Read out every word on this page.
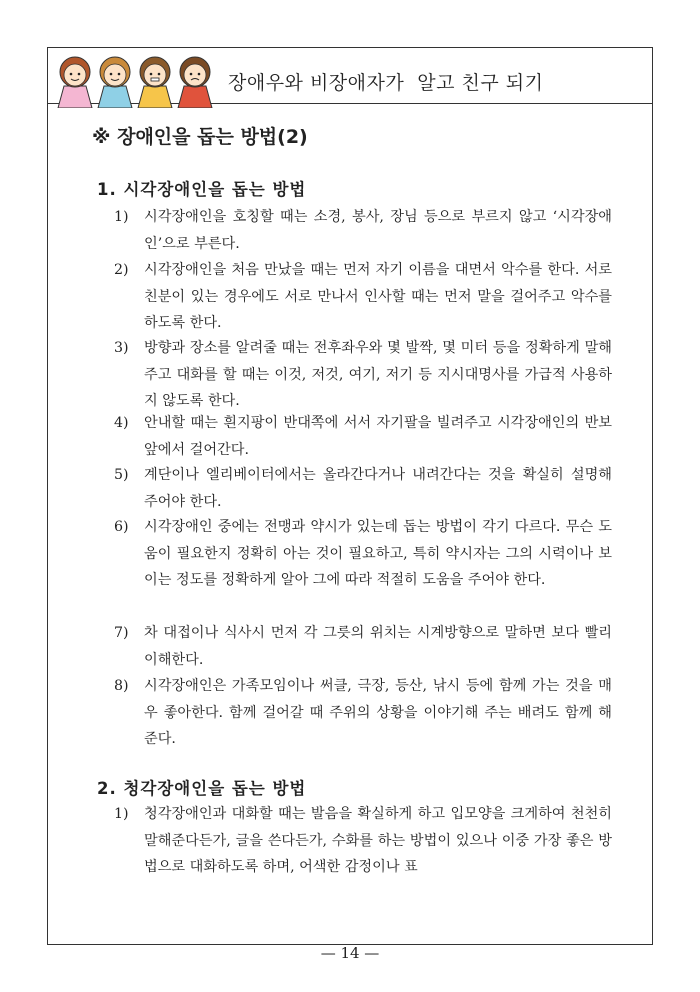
장애우와 비장애자가  알고 친구 되기
※ 장애인을 돕는 방법(2)
1. 시각장애인을 돕는 방법
1) 시각장애인을 호칭할 때는 소경, 봉사, 장님 등으로 부르지 않고 ‘시각장애인’으로 부른다.
2) 시각장애인을 처음 만났을 때는 먼저 자기 이름을 대면서 악수를 한다. 서로 친분이 있는 경우에도 서로 만나서 인사할 때는 먼저 말을 걸어주고 악수를 하도록 한다.
3) 방향과 장소를 알려줄 때는 전후좌우와 몇 발짝, 몇 미터 등을 정확하게 말해주고 대화를 할 때는 이것, 저것, 여기, 저기 등 지시대명사를 가급적 사용하지 않도록 한다.
4) 안내할 때는 흰지팡이 반대쪽에 서서 자기팔을 빌려주고 시각장애인의 반보 앞에서 걸어간다.
5) 계단이나 엘리베이터에서는 올라간다거나 내려간다는 것을 확실히 설명해 주어야 한다.
6) 시각장애인 중에는 전맹과 약시가 있는데 돕는 방법이 각기 다르다. 무슨 도움이 필요한지 정확히 아는 것이 필요하고, 특히 약시자는 그의 시력이나 보이는 정도를 정확하게 알아 그에 따라 적절히 도움을 주어야 한다.
7) 차 대접이나 식사시 먼저 각 그릇의 위치는 시계방향으로 말하면 보다 빨리 이해한다.
8) 시각장애인은 가족모임이나 써클, 극장, 등산, 낚시 등에 함께 가는 것을 매우 좋아한다. 함께 걸어갈 때 주위의 상황을 이야기해 주는 배려도 함께 해 준다.
2. 청각장애인을 돕는 방법
1) 청각장애인과 대화할 때는 발음을 확실하게 하고 입모양을 크게하여 천천히 말해준다든가, 글을 쓴다든가, 수화를 하는 방법이 있으나 이중 가장 좋은 방법으로 대화하도록 하며, 어색한 감정이나 표
— 14 —
